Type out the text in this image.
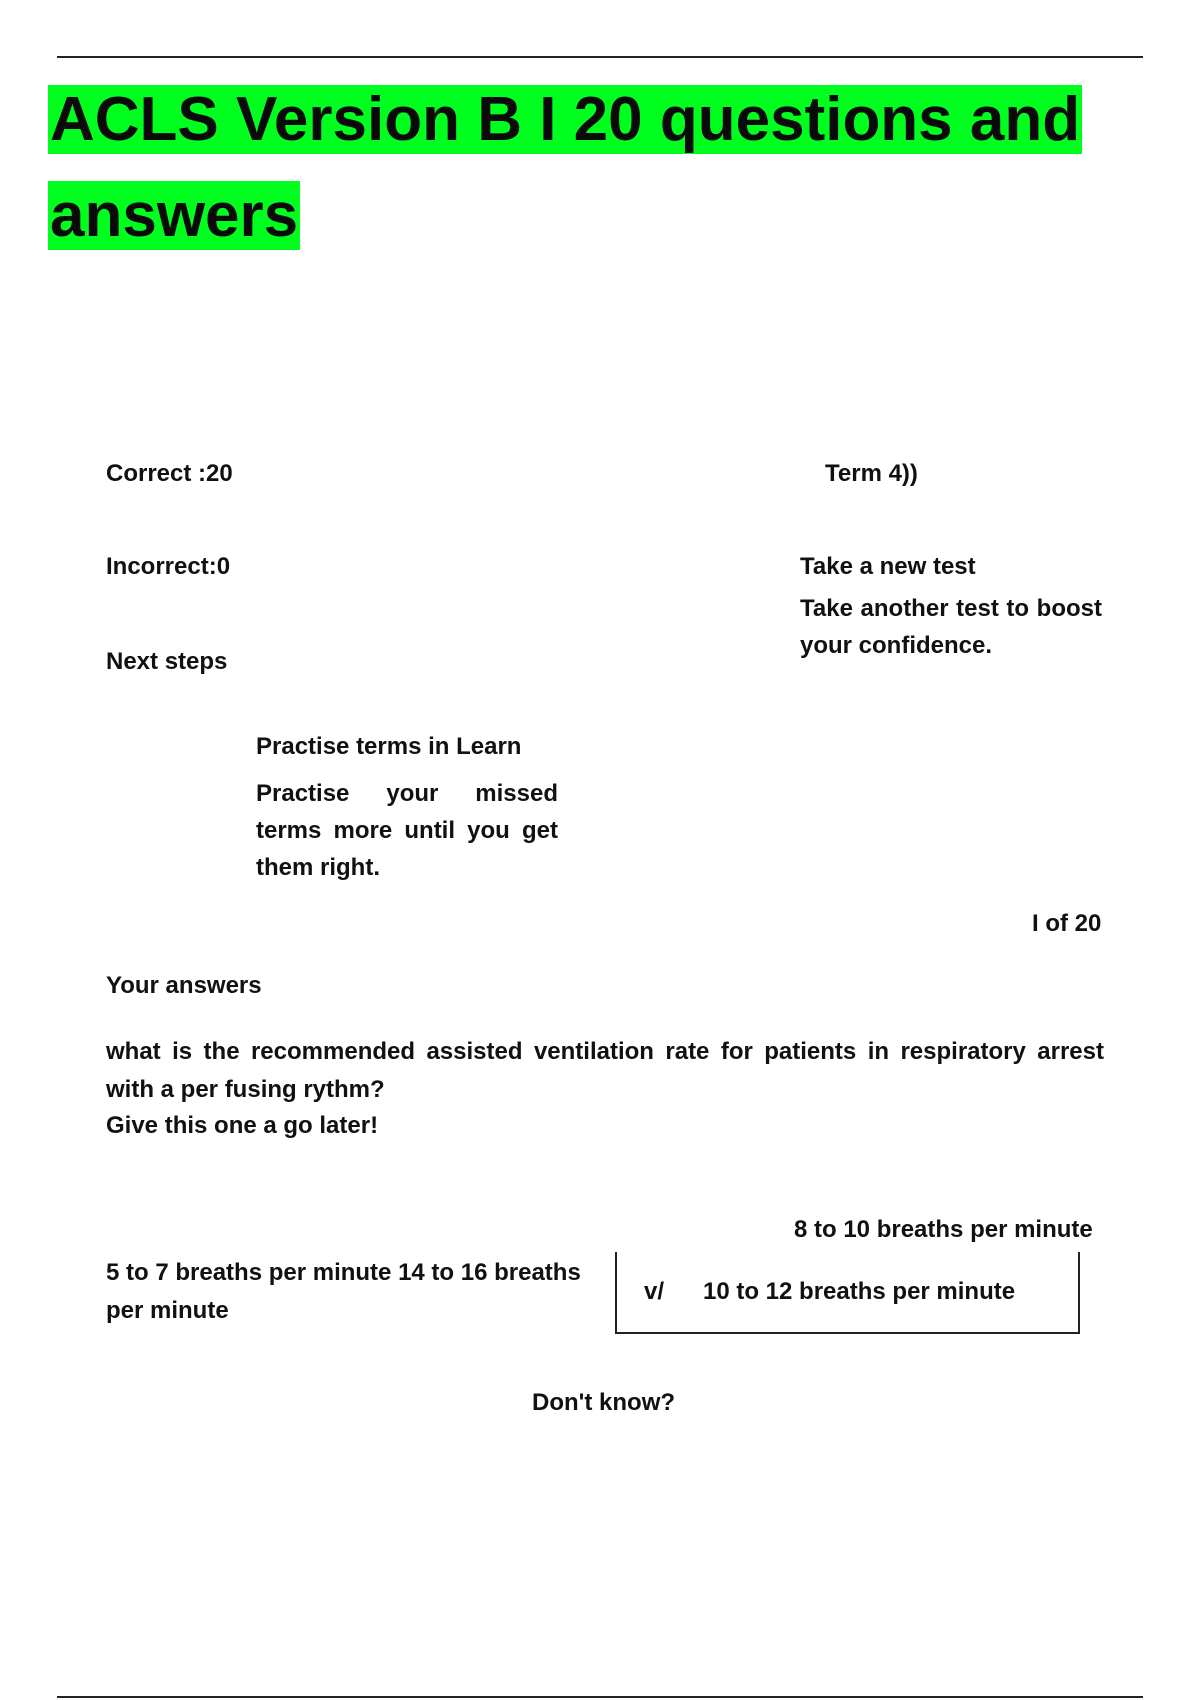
ACLS Version B I 20 questions and answers
Correct :20	Term 4))
Incorrect:0	Take a new test
Take another test to boost your confidence.
Next steps
Practise terms in Learn
Practise your missed terms more until you get them right.
I of 20
Your answers
what is the recommended assisted ventilation rate for patients in respiratory arrest with a per fusing rythm?
Give this one a go later!
8 to 10 breaths per minute
5 to 7 breaths per minute 14 to 16 breaths per minute
v/ 10 to 12 breaths per minute
Don't know?
